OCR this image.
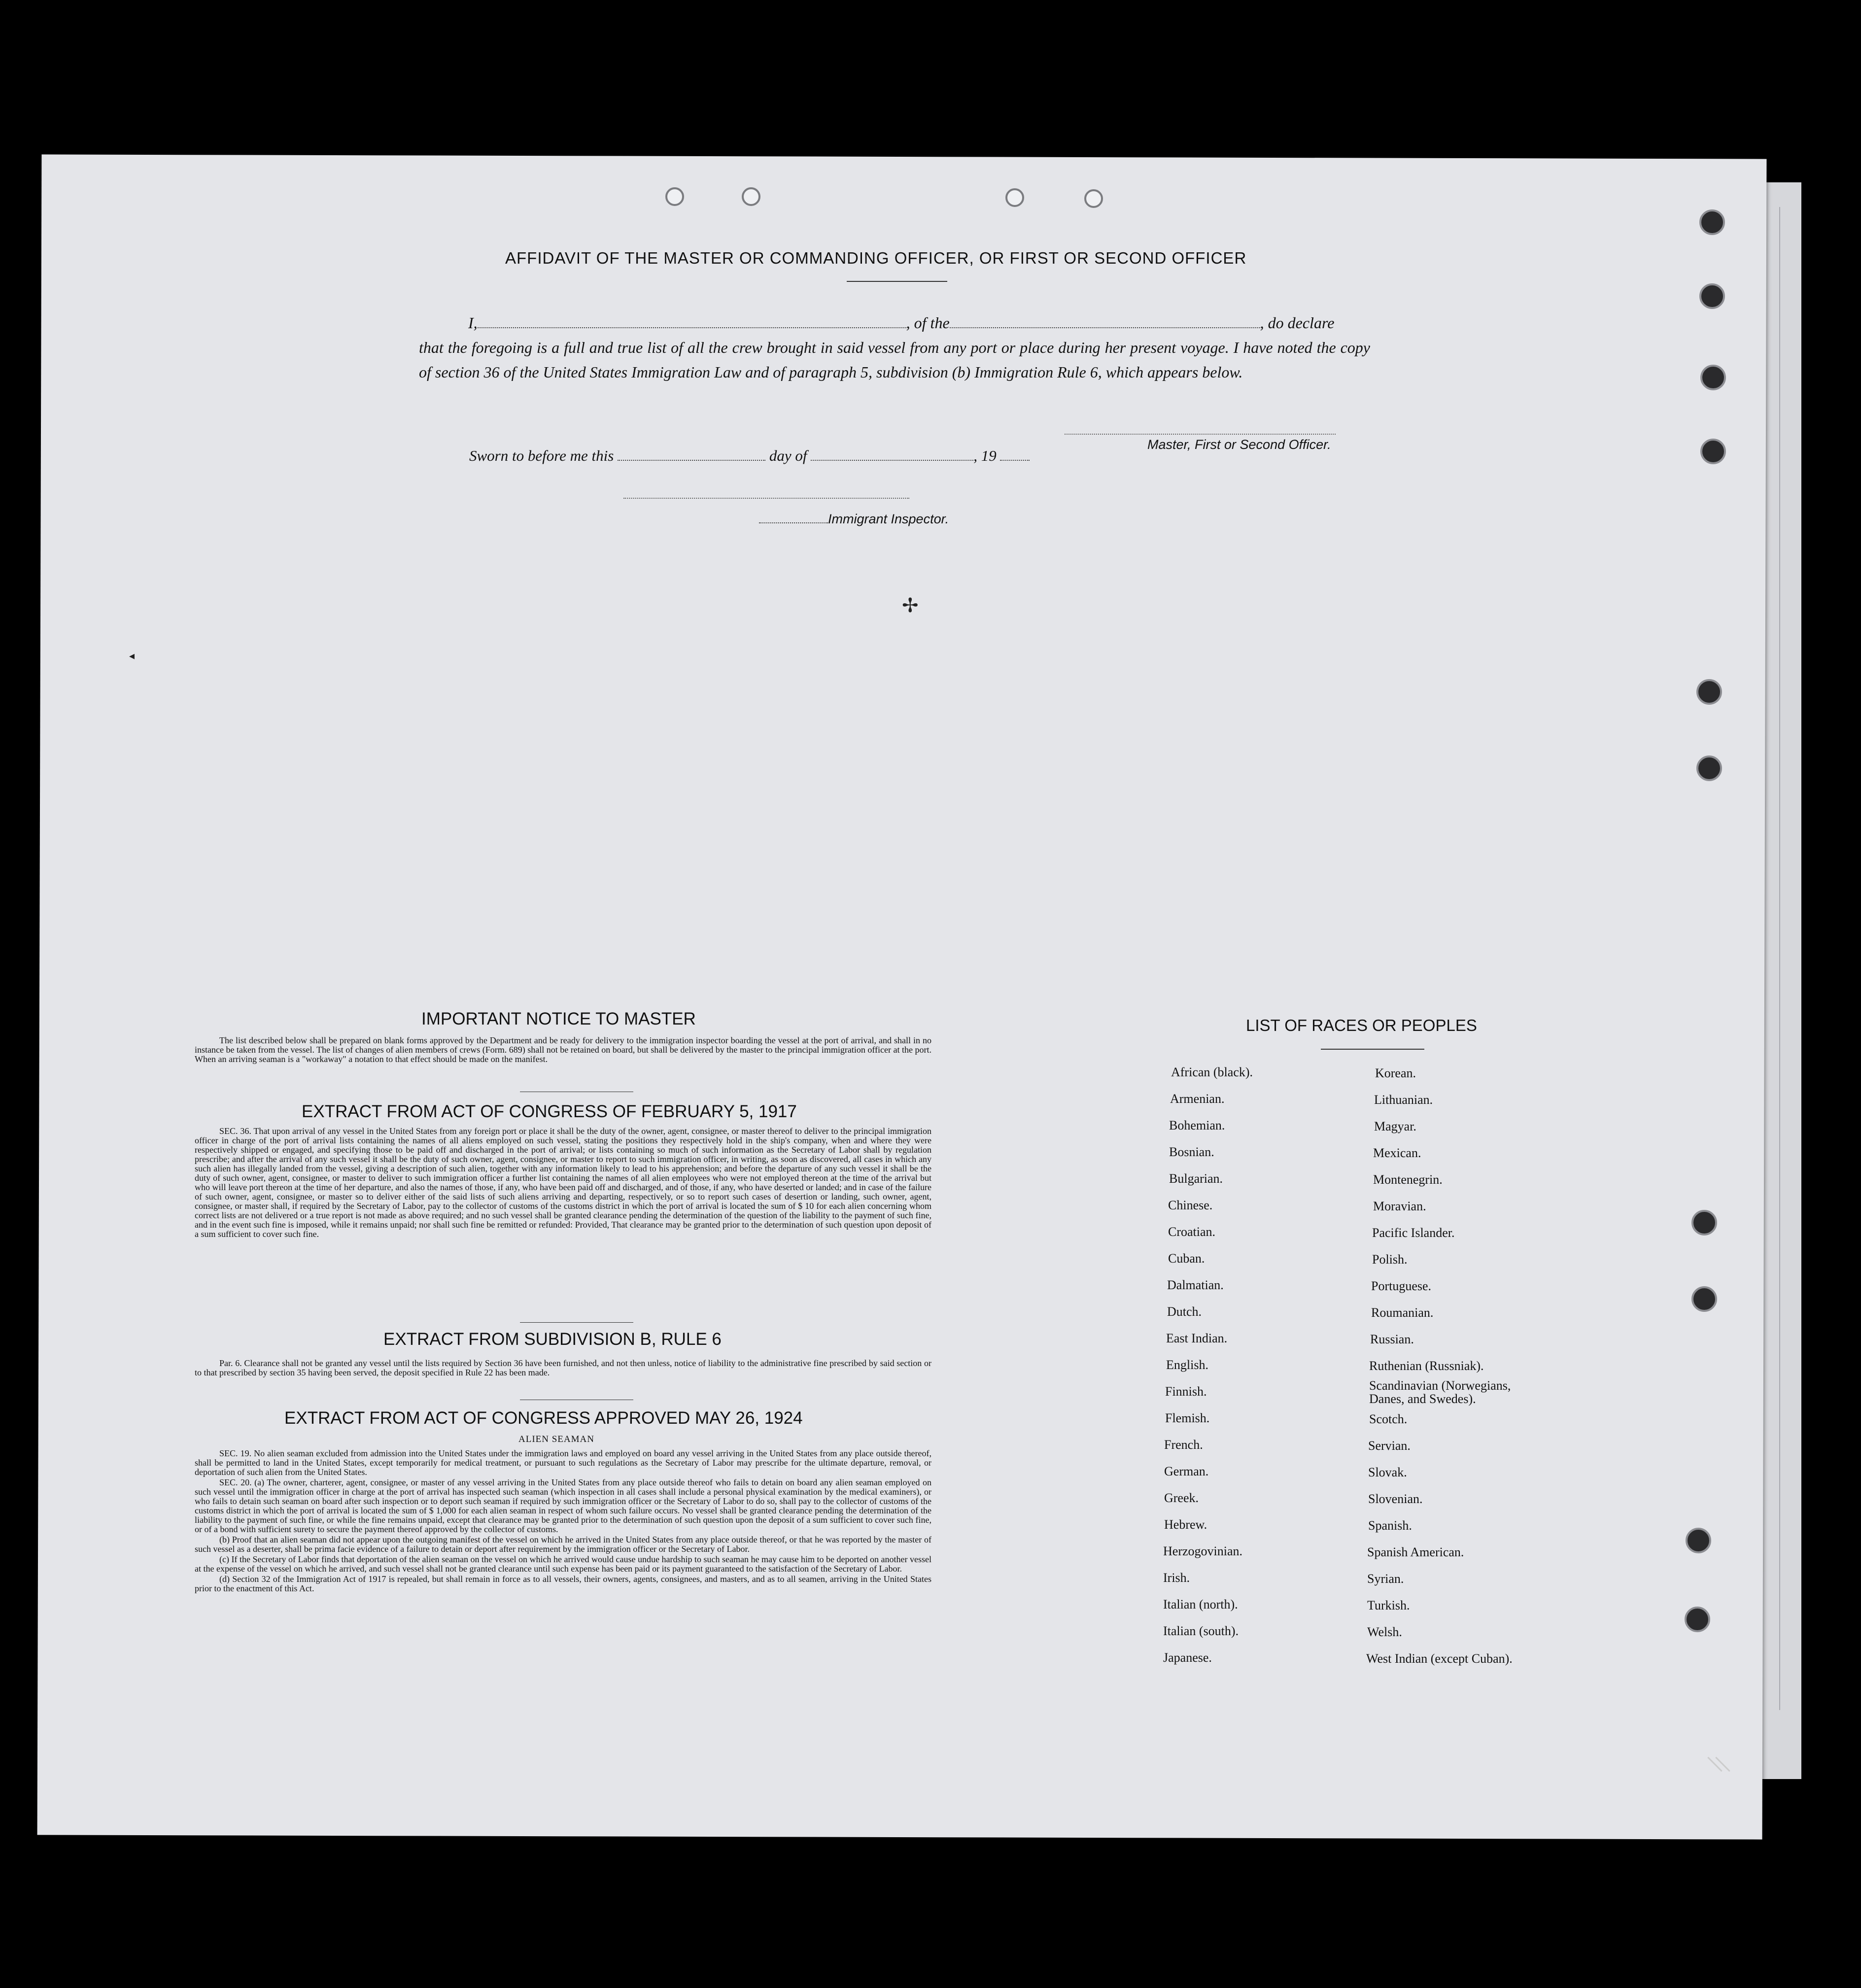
AFFIDAVIT OF THE MASTER OR COMMANDING OFFICER, OR FIRST OR SECOND OFFICER
I,	, of the	, do declare
that the foregoing is a full and true list of all the crew brought in said vessel from any port or place during her present voyage. I have noted the copy of section 36 of the United States Immigration Law and of paragraph 5, subdivision (b) Immigration Rule 6, which appears below.
Master, First or Second Officer.
Sworn to before me this	day of	, 19
Immigrant Inspector.
✢
◂
IMPORTANT NOTICE TO MASTER

The list described below shall be prepared on blank forms approved by the Department and be ready for delivery to the immigration inspector boarding the vessel at the port of arrival, and shall in no instance be taken from the vessel. The list of changes of alien members of crews (Form. 689) shall not be retained on board, but shall be delivered by the master to the principal immigration officer at the port. When an arriving seaman is a "workaway" a notation to that effect should be made on the manifest.

EXTRACT FROM ACT OF CONGRESS OF FEBRUARY 5, 1917

SEC. 36. That upon arrival of any vessel in the United States from any foreign port or place it shall be the duty of the owner, agent, consignee, or master thereof to deliver to the principal immigration officer in charge of the port of arrival lists containing the names of all aliens employed on such vessel, stating the positions they respectively hold in the ship's company, when and where they were respectively shipped or engaged, and specifying those to be paid off and discharged in the port of arrival; or lists containing so much of such information as the Secretary of Labor shall by regulation prescribe; and after the arrival of any such vessel it shall be the duty of such owner, agent, consignee, or master to report to such immigration officer, in writing, as soon as discovered, all cases in which any such alien has illegally landed from the vessel, giving a description of such alien, together with any information likely to lead to his apprehension; and before the departure of any such vessel it shall be the duty of such owner, agent, consignee, or master to deliver to such immigration officer a further list containing the names of all alien employees who were not employed thereon at the time of the arrival but who will leave port thereon at the time of her departure, and also the names of those, if any, who have been paid off and discharged, and of those, if any, who have deserted or landed; and in case of the failure of such owner, agent, consignee, or master so to deliver either of the said lists of such aliens arriving and departing, respectively, or so to report such cases of desertion or landing, such owner, agent, consignee, or master shall, if required by the Secretary of Labor, pay to the collector of customs of the customs district in which the port of arrival is located the sum of $ 10 for each alien concerning whom correct lists are not delivered or a true report is not made as above required; and no such vessel shall be granted clearance pending the determination of the question of the liability to the payment of such fine, and in the event such fine is imposed, while it remains unpaid; nor shall such fine be remitted or refunded: Provided, That clearance may be granted prior to the determination of such question upon deposit of a sum sufficient to cover such fine.

EXTRACT FROM SUBDIVISION B, RULE 6

Par. 6. Clearance shall not be granted any vessel until the lists required by Section 36 have been furnished, and not then unless, notice of liability to the administrative fine prescribed by said section or to that prescribed by section 35 having been served, the deposit specified in Rule 22 has been made.

EXTRACT FROM ACT OF CONGRESS APPROVED MAY 26, 1924
ALIEN SEAMAN

SEC. 19. No alien seaman excluded from admission into the United States under the immigration laws and employed on board any vessel arriving in the United States from any place outside thereof, shall be permitted to land in the United States, except temporarily for medical treatment, or pursuant to such regulations as the Secretary of Labor may prescribe for the ultimate departure, removal, or deportation of such alien from the United States.

SEC. 20. (a) The owner, charterer, agent, consignee, or master of any vessel arriving in the United States from any place outside thereof who fails to detain on board any alien seaman employed on such vessel until the immigration officer in charge at the port of arrival has inspected such seaman (which inspection in all cases shall include a personal physical examination by the medical examiners), or who fails to detain such seaman on board after such inspection or to deport such seaman if required by such immigration officer or the Secretary of Labor to do so, shall pay to the collector of customs of the customs district in which the port of arrival is located the sum of $ 1,000 for each alien seaman in respect of whom such failure occurs. No vessel shall be granted clearance pending the determination of the liability to the payment of such fine, or while the fine remains unpaid, except that clearance may be granted prior to the determination of such question upon the deposit of a sum sufficient to cover such fine, or of a bond with sufficient surety to secure the payment thereof approved by the collector of customs.

(b) Proof that an alien seaman did not appear upon the outgoing manifest of the vessel on which he arrived in the United States from any place outside thereof, or that he was reported by the master of such vessel as a deserter, shall be prima facie evidence of a failure to detain or deport after requirement by the immigration officer or the Secretary of Labor.

(c) If the Secretary of Labor finds that deportation of the alien seaman on the vessel on which he arrived would cause undue hardship to such seaman he may cause him to be deported on another vessel at the expense of the vessel on which he arrived, and such vessel shall not be granted clearance until such expense has been paid or its payment guaranteed to the satisfaction of the Secretary of Labor.

(d) Section 32 of the Immigration Act of 1917 is repealed, but shall remain in force as to all vessels, their owners, agents, consignees, and masters, and as to all seamen, arriving in the United States prior to the enactment of this Act.

LIST OF RACES OR PEOPLES
African (black).
Armenian.
Bohemian.
Bosnian.
Bulgarian.
Chinese.
Croatian.
Cuban.
Dalmatian.
Dutch.
East Indian.
English.
Finnish.
Flemish.
French.
German.
Greek.
Hebrew.
Herzogovinian.
Irish.
Italian (north).
Italian (south).
Japanese.
Korean.
Lithuanian.
Magyar.
Mexican.
Montenegrin.
Moravian.
Pacific Islander.
Polish.
Portuguese.
Roumanian.
Russian.
Ruthenian (Russniak).
Scandinavian (Norwegians, Danes, and Swedes).
Scotch.
Servian.
Slovak.
Slovenian.
Spanish.
Spanish American.
Syrian.
Turkish.
Welsh.
West Indian (except Cuban).
